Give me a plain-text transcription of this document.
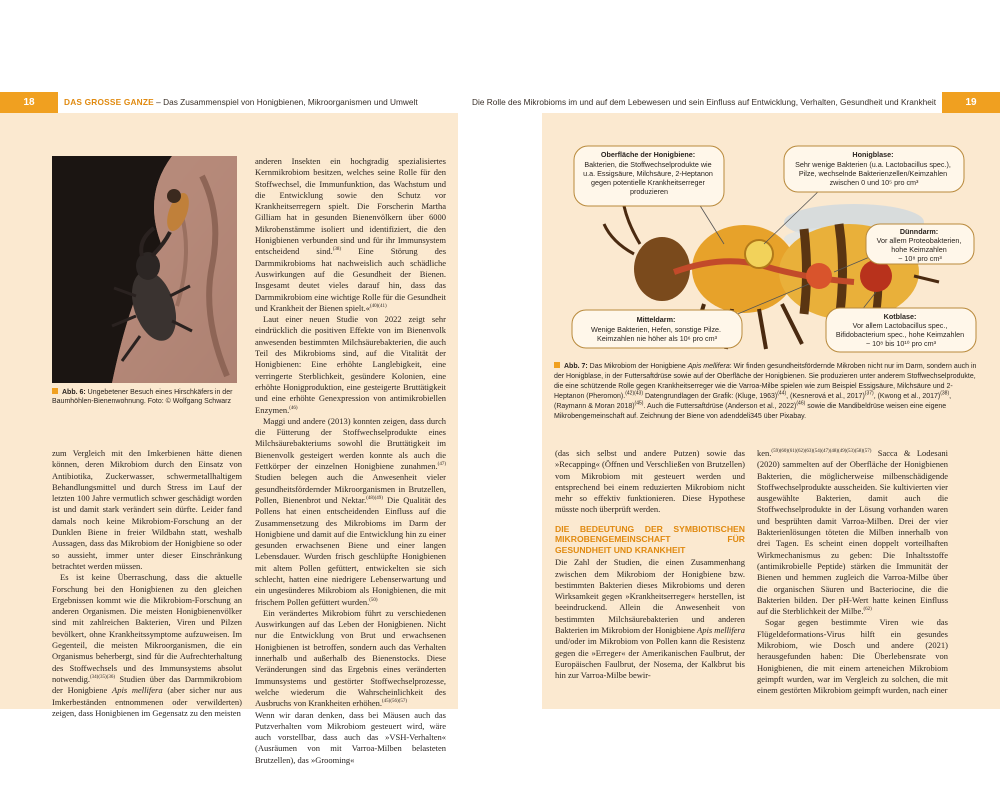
18	DAS GROSSE GANZE – Das Zusammenspiel von Honigbienen, Mikroorganismen und Umwelt
Abb. 6: Ungebetener Besuch eines Hirschkäfers in der Baumhöhlen-Bienenwohnung. Foto: © Wolfgang Schwarz

zum Vergleich mit den Imkerbienen hätte dienen können, deren Mikrobiom durch den Einsatz von Antibiotika, Zuckerwasser, schwermetallhaltigem Behandlungsmittel und durch Stress im Lauf der letzten 100 Jahre vermutlich schwer geschädigt worden ist und damit stark verändert sein dürfte. Leider fand damals noch keine Mikrobiom-Forschung an der Dunklen Biene in freier Wildbahn statt, weshalb Aussagen, dass das Mikrobiom der Honigbiene so oder so aussieht, immer unter dieser Einschränkung betrachtet werden müssen.

Es ist keine Überraschung, dass die aktuelle Forschung bei den Honigbienen zu den gleichen Ergebnissen kommt wie die Mikrobiom-Forschung an anderen Organismen. Die meisten Honigbienenvölker sind mit zahlreichen Bakterien, Viren und Pilzen bevölkert, ohne Krankheitssymptome aufzuweisen. Im Gegenteil, die meisten Mikroorganismen, die ein Organismus beherbergt, sind für die Aufrechterhaltung des Stoffwechsels und des Immunsystems absolut notwendig.$^{(34)(35)(36)}$ Studien über das Darmmikrobiom der Honigbiene Apis mellifera (aber sicher nur aus Imkerbeständen entnommenen oder verwilderten) zeigen, dass Honigbienen im Gegensatz zu den meisten

anderen Insekten ein hochgradig spezialisiertes Kernmikrobiom besitzen, welches seine Rolle für den Stoffwechsel, die Immunfunktion, das Wachstum und die Entwicklung sowie den Schutz vor Krankheitserregern spielt. Die Forscherin Martha Gilliam hat in gesunden Bienenvölkern über 6000 Mikrobenstämme isoliert und identifiziert, die den Honigbienen verbunden sind und für ihr Immunsystem entscheidend sind.$^{(38)}$ Eine Störung des Darmmikrobioms hat nachweislich auch schädliche Auswirkungen auf die Gesundheit der Bienen. Insgesamt deutet vieles darauf hin, dass das Darmmikrobiom eine wichtige Rolle für die Gesundheit und Krankheit der Bienen spielt.«$^{(40)(41)}$

Laut einer neuen Studie von 2022 zeigt sehr eindrücklich die positiven Effekte von im Bienenvolk anwesenden bestimmten Milchsäurebakterien, die auch Teil des Mikrobioms sind, auf die Vitalität der Honigbienen: Eine erhöhte Langlebigkeit, eine verringerte Sterblichkeit, gesündere Kolonien, eine erhöhte Honigproduktion, eine gesteigerte Bruttätigkeit und eine erhöhte Genexpression von antimikrobiellen Enzymen.$^{(46)}$

Maggi und andere (2013) konnten zeigen, dass durch die Fütterung der Stoffwechselprodukte eines Milchsäurebakteriums sowohl die Bruttätigkeit im Bienenvolk gesteigert werden konnte als auch die Fettkörper der einzelnen Honigbiene zunahmen.$^{(47)}$ Studien belegen auch die Anwesenheit vieler gesundheitsfördernder Mikroorganismen in Brutzellen, Pollen, Bienenbrot und Nektar.$^{(48)(49)}$ Die Qualität des Pollens hat einen entscheidenden Einfluss auf die Zusammensetzung des Mikrobioms im Darm der Honigbiene und damit auf die Entwicklung hin zu einer gesunden erwachsenen Biene und einer langen Lebensdauer. Wurden frisch geschlüpfte Honigbienen mit altem Pollen gefüttert, entwickelten sie sich schlecht, hatten eine niedrigere Lebenserwartung und ein ungesünderes Mikrobiom als Honigbienen, die mit frischem Pollen gefüttert wurden.$^{(50)}$

Ein verändertes Mikrobiom führt zu verschiedenen Auswirkungen auf das Leben der Honigbienen. Nicht nur die Entwicklung von Brut und erwachsenen Honigbienen ist betroffen, sondern auch das Verhalten innerhalb und außerhalb des Bienenstocks. Diese Veränderungen sind das Ergebnis eines veränderten Immunsystems und gestörter Stoffwechselprozesse, welche wiederum die Wahrscheinlichkeit des Ausbruchs von Krankheiten erhöhen.$^{(45)(56)(57)}$

Wenn wir daran denken, dass bei Mäusen auch das Putzverhalten vom Mikrobiom gesteuert wird, wäre auch vorstellbar, dass auch das »VSH-Verhalten« (Ausräumen von mit Varroa-Milben belasteten Brutzellen), das »Grooming«

Die Rolle des Mikrobioms im und auf dem Lebewesen und sein Einfluss auf Entwicklung, Verhalten, Gesundheit und Krankheit	19
Oberfläche der Honigbiene: Bakterien, die Stoffwechselprodukte wie u.a. Essigsäure, Milchsäure, 2-Heptanon gegen potentielle Krankheitserreger produzieren
Honigblase: Sehr wenige Bakterien (u.a. Lactobacillus spec.), Pilze, wechselnde Bakterienzellen/Keimzahlen zwischen 0 und 10⁵ pro cm³
Dünndarm: Vor allem Proteobakterien, hohe Keimzahlen ~ 10⁸ pro cm³
Mitteldarm: Wenige Bakterien, Hefen, sonstige Pilze. Keimzahlen nie höher als 10⁶ pro cm³
Kotblase: Vor allem Lactobacillus spec., Bifidobacterium spec., hohe Keimzahlen ~ 10⁸ bis 10¹⁰ pro cm³
Abb. 7: Das Mikrobiom der Honigbiene Apis mellifera: Wir finden gesundheitsfördernde Mikroben nicht nur im Darm, sondern auch in der Honigblase, in der Futtersaftdrüse sowie auf der Oberfläche der Honigbienen. Sie produzieren unter anderem Stoffwechselprodukte, die eine schützende Rolle gegen Krankheitserreger wie die Varroa-Milbe spielen wie zum Beispiel Essigsäure, Milchsäure und 2-Heptanon (Pheromon).$^{(42)(43)}$ Datengrundlagen der Grafik: (Kluge, 1963)$^{(44)}$, (Kesnerová et al., 2017)$^{(37)}$, (Kwong et al., 2017)$^{(38)}$, (Raymann & Moran 2018)$^{(45)}$. Auch die Futtersaftdrüse (Anderson et al., 2022)$^{(46)}$ sowie die Mandibeldrüse weisen eine eigene Mikrobengemeinschaft auf. Zeichnung der Biene von adenddeli345 über Pixabay.

(das sich selbst und andere Putzen) sowie das »Recapping« (Öffnen und Verschließen von Brutzellen) vom Mikrobiom mit gesteuert werden und entsprechend bei einem reduzierten Mikrobiom nicht mehr so effektiv funktionieren. Diese Hypothese müsste noch überprüft werden.

DIE BEDEUTUNG DER SYMBIOTISCHEN MIKROBENGEMEINSCHAFT FÜR GESUNDHEIT UND KRANKHEIT

Die Zahl der Studien, die einen Zusammenhang zwischen dem Mikrobiom der Honigbiene bzw. bestimmten Bakterien dieses Mikrobioms und deren Wirksamkeit gegen »Krankheitserreger« herstellen, ist beeindruckend. Allein die Anwesenheit von bestimmten Milchsäurebakterien und anderen Bakterien im Mikrobiom der Honigbiene Apis mellifera und/oder im Mikrobiom von Pollen kann die Resistenz gegen die »Erreger« der Amerikanischen Faulbrut, der Europäischen Faulbrut, der Nosema, der Kalkbrut bis hin zur Varroa-Milbe bewir-

ken.$^{(59)(60)(61)(62)(63)(54)(47)(48)(49)(53)(58)(57)}$ Sacca & Lodesani (2020) sammelten auf der Oberfläche der Honigbienen Bakterien, die möglicherweise milbenschädigende Stoffwechselprodukte ausscheiden. Sie kultivierten vier ausgewählte Bakterien, damit auch die Stoffwechselprodukte in der Lösung vorhanden waren und besprühten damit Varroa-Milben. Drei der vier Bakterienlösungen töteten die Milben innerhalb von drei Tagen. Es scheint einen doppelt vorteilhaften Wirkmechanismus zu geben: Die Inhaltsstoffe (antimikrobielle Peptide) stärken die Immunität der Bienen und hemmen zugleich die Varroa-Milbe über die organischen Säuren und Bacteriocine, die die Bakterien bilden. Der pH-Wert hatte keinen Einfluss auf die Sterblichkeit der Milbe.$^{(62)}$

Sogar gegen bestimmte Viren wie das Flügeldeformations-Virus hilft ein gesundes Mikrobiom, wie Dosch und andere (2021) herausgefunden haben: Die Überlebensrate von Honigbienen, die mit einem arteneichen Mikrobiom geimpft wurden, war im Vergleich zu solchen, die mit einem gestörten Mikrobiom geimpft wurden, nach einer
